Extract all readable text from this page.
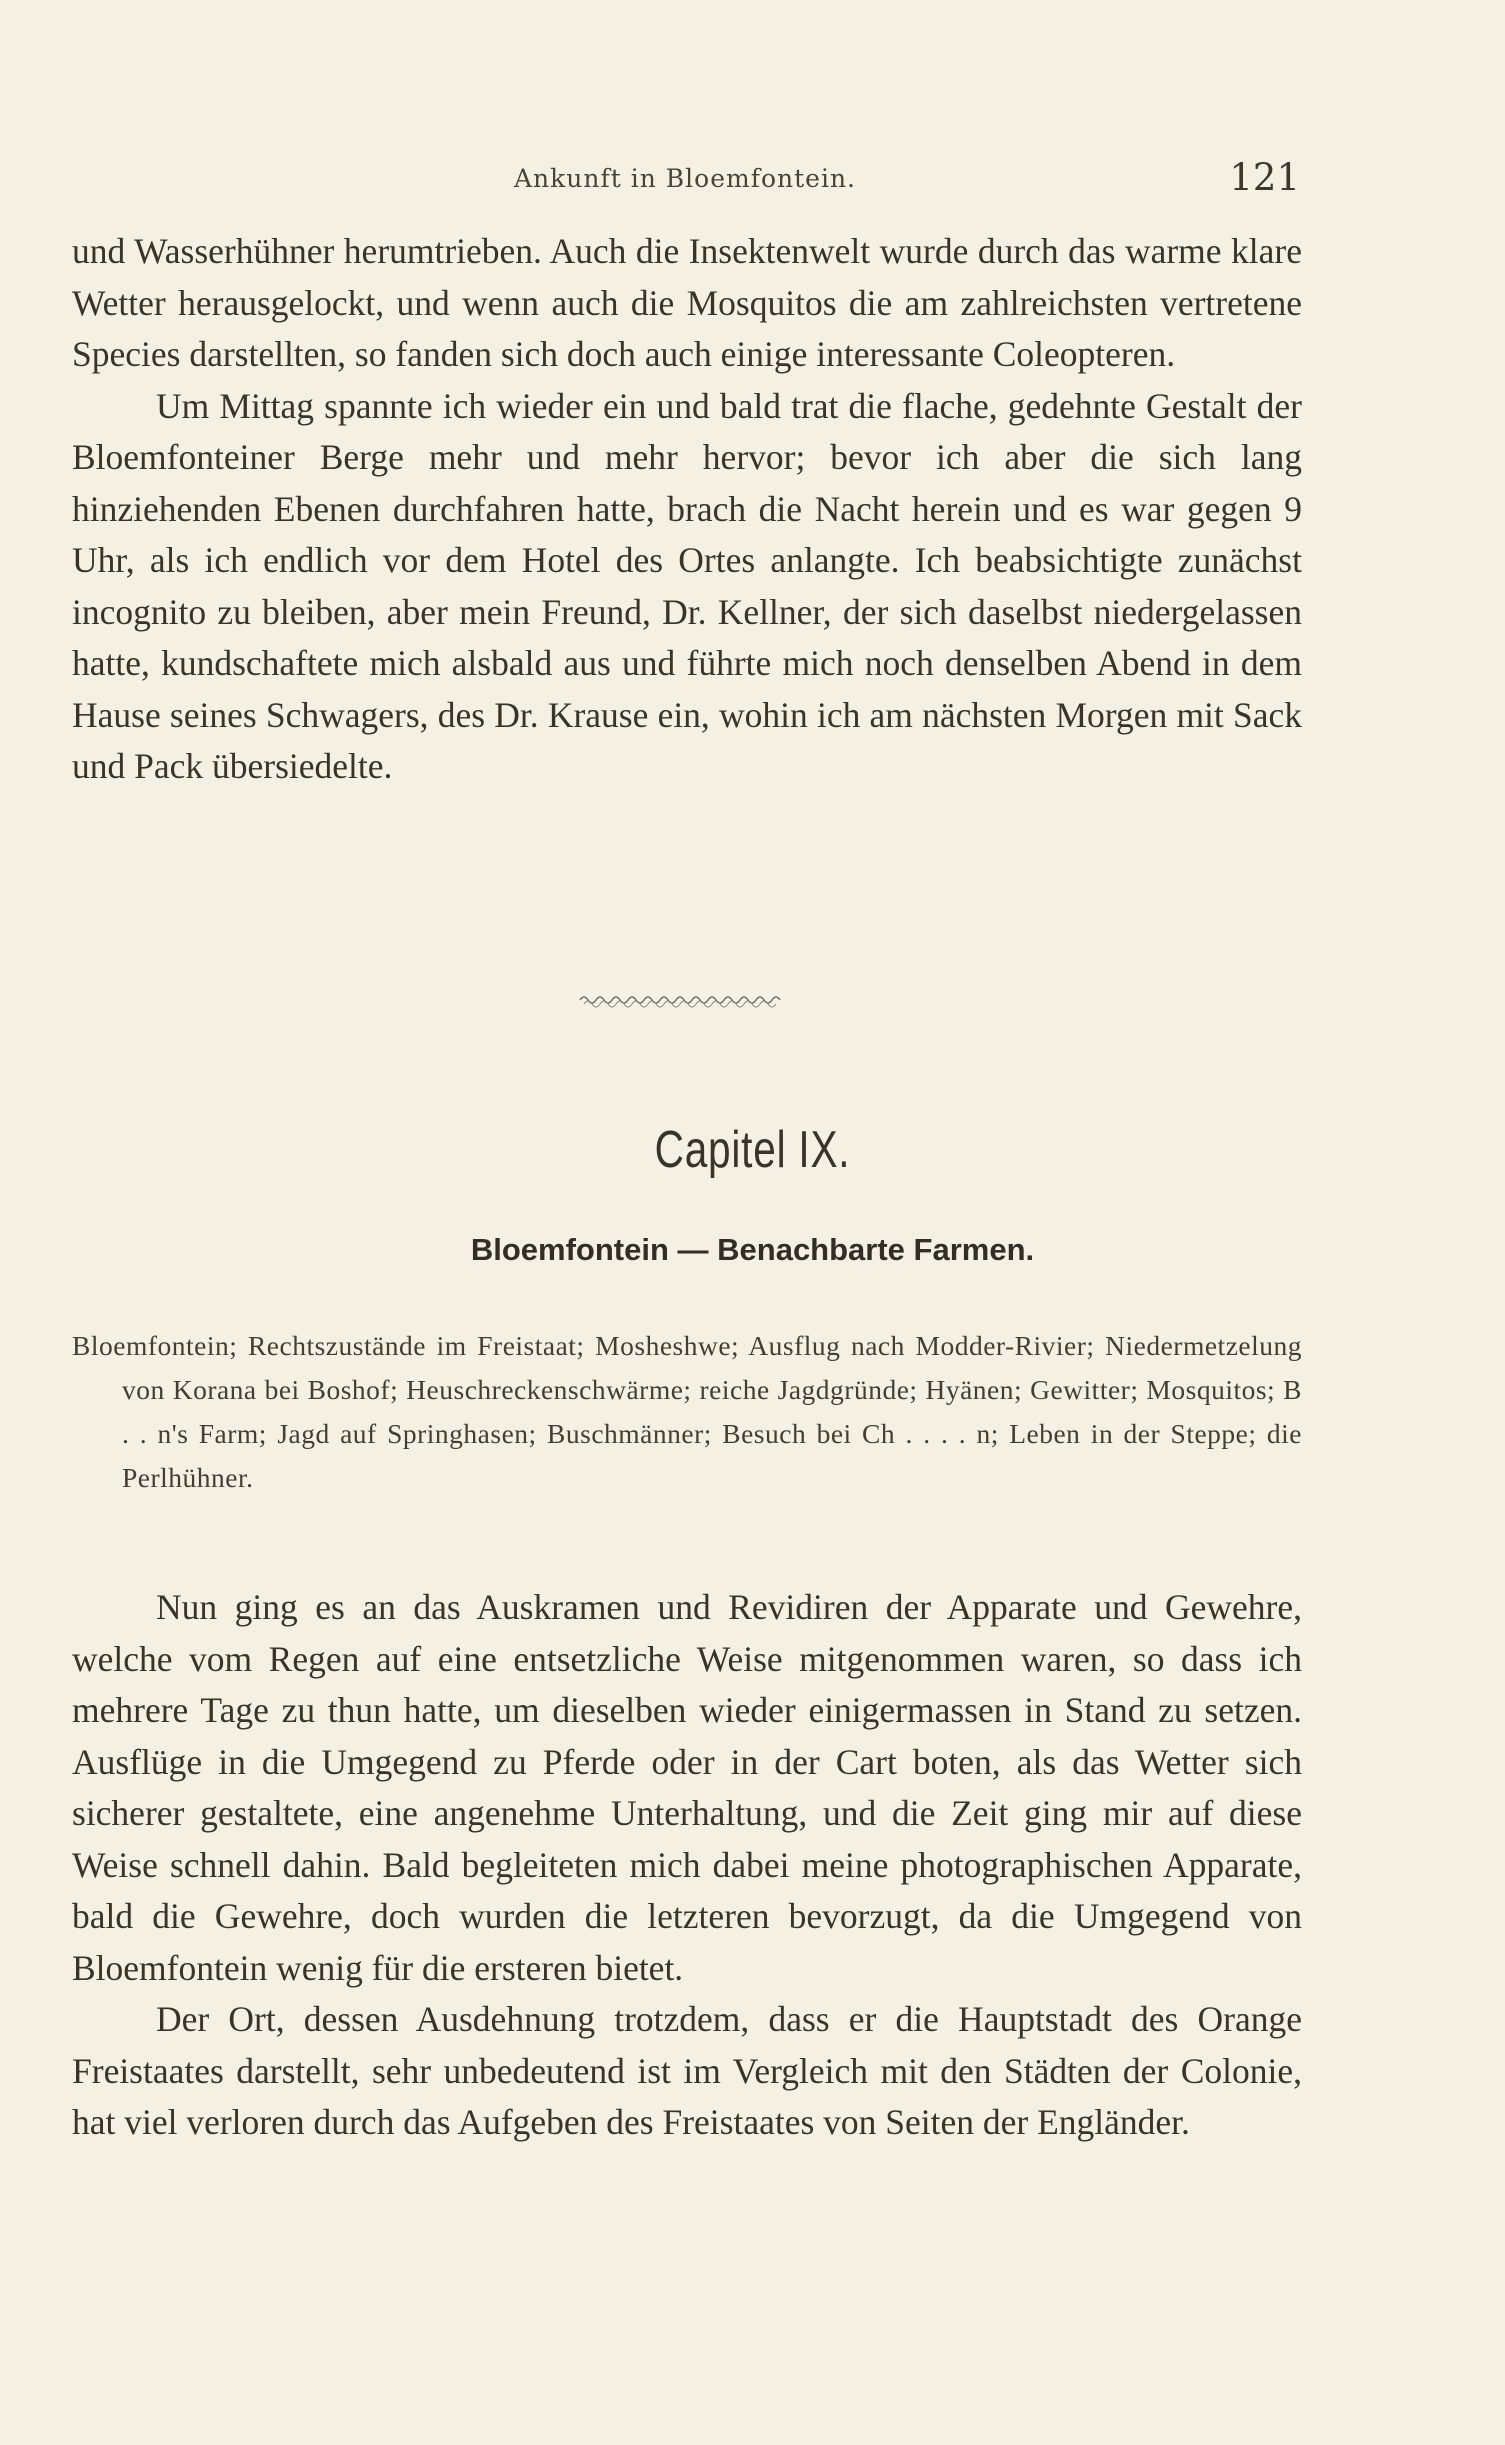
Ankunft in Bloemfontein.	121

und Wasserhühner herumtrieben. Auch die Insektenwelt wurde durch das warme klare Wetter herausgelockt, und wenn auch die Mosquitos die am zahlreichsten vertretene Species darstellten, so fanden sich doch auch einige interessante Coleopteren.

Um Mittag spannte ich wieder ein und bald trat die flache, gedehnte Gestalt der Bloemfonteiner Berge mehr und mehr hervor; bevor ich aber die sich lang hinziehenden Ebenen durchfahren hatte, brach die Nacht herein und es war gegen 9 Uhr, als ich endlich vor dem Hotel des Ortes anlangte. Ich beabsichtigte zunächst incognito zu bleiben, aber mein Freund, Dr. Kellner, der sich daselbst niedergelassen hatte, kundschaftete mich alsbald aus und führte mich noch denselben Abend in dem Hause seines Schwagers, des Dr. Krause ein, wohin ich am nächsten Morgen mit Sack und Pack übersiedelte.

Capitel IX.
Bloemfontein — Benachbarte Farmen.
Bloemfontein; Rechtszustände im Freistaat; Mosheshwe; Ausflug nach Modder-Rivier; Niedermetzelung von Korana bei Boshof; Heuschreckenschwärme; reiche Jagdgründe; Hyänen; Gewitter; Mosquitos; B . . n's Farm; Jagd auf Springhasen; Buschmänner; Besuch bei Ch . . . . n; Leben in der Steppe; die Perlhühner.

Nun ging es an das Auskramen und Revidiren der Apparate und Gewehre, welche vom Regen auf eine entsetzliche Weise mitgenommen waren, so dass ich mehrere Tage zu thun hatte, um dieselben wieder einigermassen in Stand zu setzen. Ausflüge in die Umgegend zu Pferde oder in der Cart boten, als das Wetter sich sicherer gestaltete, eine angenehme Unterhaltung, und die Zeit ging mir auf diese Weise schnell dahin. Bald begleiteten mich dabei meine photographischen Apparate, bald die Gewehre, doch wurden die letzteren bevorzugt, da die Umgegend von Bloemfontein wenig für die ersteren bietet.

Der Ort, dessen Ausdehnung trotzdem, dass er die Hauptstadt des Orange Freistaates darstellt, sehr unbedeutend ist im Vergleich mit den Städten der Colonie, hat viel verloren durch das Aufgeben des Freistaates von Seiten der Engländer.
